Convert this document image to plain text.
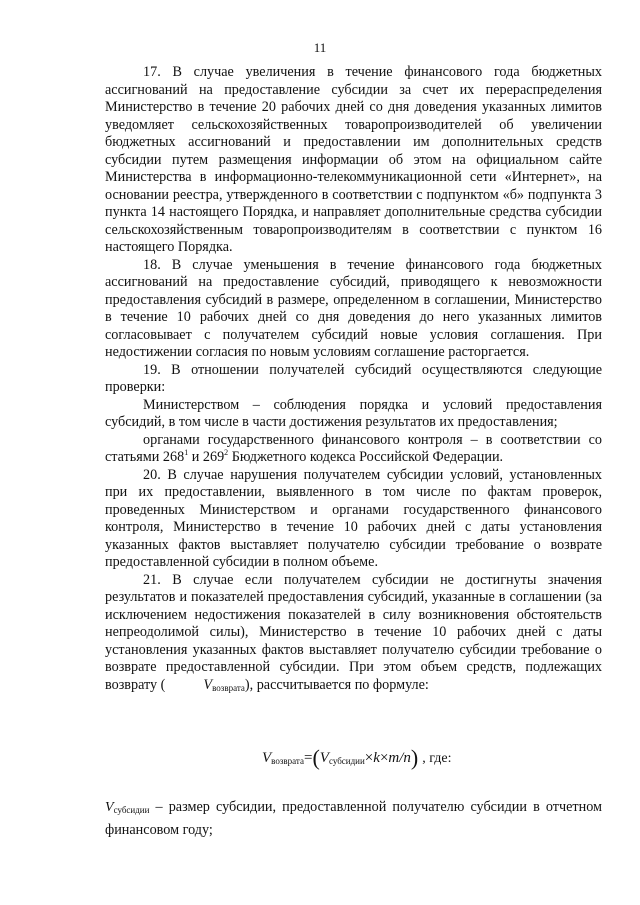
11

17. В случае увеличения в течение финансового года бюджетных ассигнований на предоставление субсидии за счет их перераспределения Министерство в течение 20 рабочих дней со дня доведения указанных лимитов уведомляет сельскохозяйственных товаропроизводителей об увеличении бюджетных ассигнований и предоставлении им дополнительных средств субсидии путем размещения информации об этом на официальном сайте Министерства в информационно-телекоммуникационной сети «Интернет», на основании реестра, утвержденного в соответствии с подпунктом «б» подпункта 3 пункта 14 настоящего Порядка, и направляет дополнительные средства субсидии сельскохозяйственным товаропроизводителям в соответствии с пунктом 16 настоящего Порядка.

18. В случае уменьшения в течение финансового года бюджетных ассигнований на предоставление субсидий, приводящего к невозможности предоставления субсидий в размере, определенном в соглашении, Министерство в течение 10 рабочих дней со дня доведения до него указанных лимитов согласовывает с получателем субсидий новые условия соглашения. При недостижении согласия по новым условиям соглашение расторгается.

19. В отношении получателей субсидий осуществляются следующие проверки:

Министерством – соблюдения порядка и условий предоставления субсидий, в том числе в части достижения результатов их предоставления;

органами государственного финансового контроля – в соответствии со статьями $268^1$ и $269^2$ Бюджетного кодекса Российской Федерации.

20. В случае нарушения получателем субсидии условий, установленных при их предоставлении, выявленного в том числе по фактам проверок, проведенных Министерством и органами государственного финансового контроля, Министерство в течение 10 рабочих дней с даты установления указанных фактов выставляет получателю субсидии требование о возврате предоставленной субсидии в полном объеме.

21. В случае если получателем субсидии не достигнуты значения результатов и показателей предоставления субсидий, указанные в соглашении (за исключением недостижения показателей в силу возникновения обстоятельств непреодолимой силы), Министерство в течение 10 рабочих дней с даты установления указанных фактов выставляет получателю субсидии требование о возврате предоставленной субсидии. При этом объем средств, подлежащих возврату (	$V_{возврата}$), рассчитывается по формуле:

$V_{возврата}=(V_{субсидии}\times k\times m/n)$ , где:
$V_{субсидии}$ – размер субсидии, предоставленной получателю субсидии в отчетном финансовом году;
